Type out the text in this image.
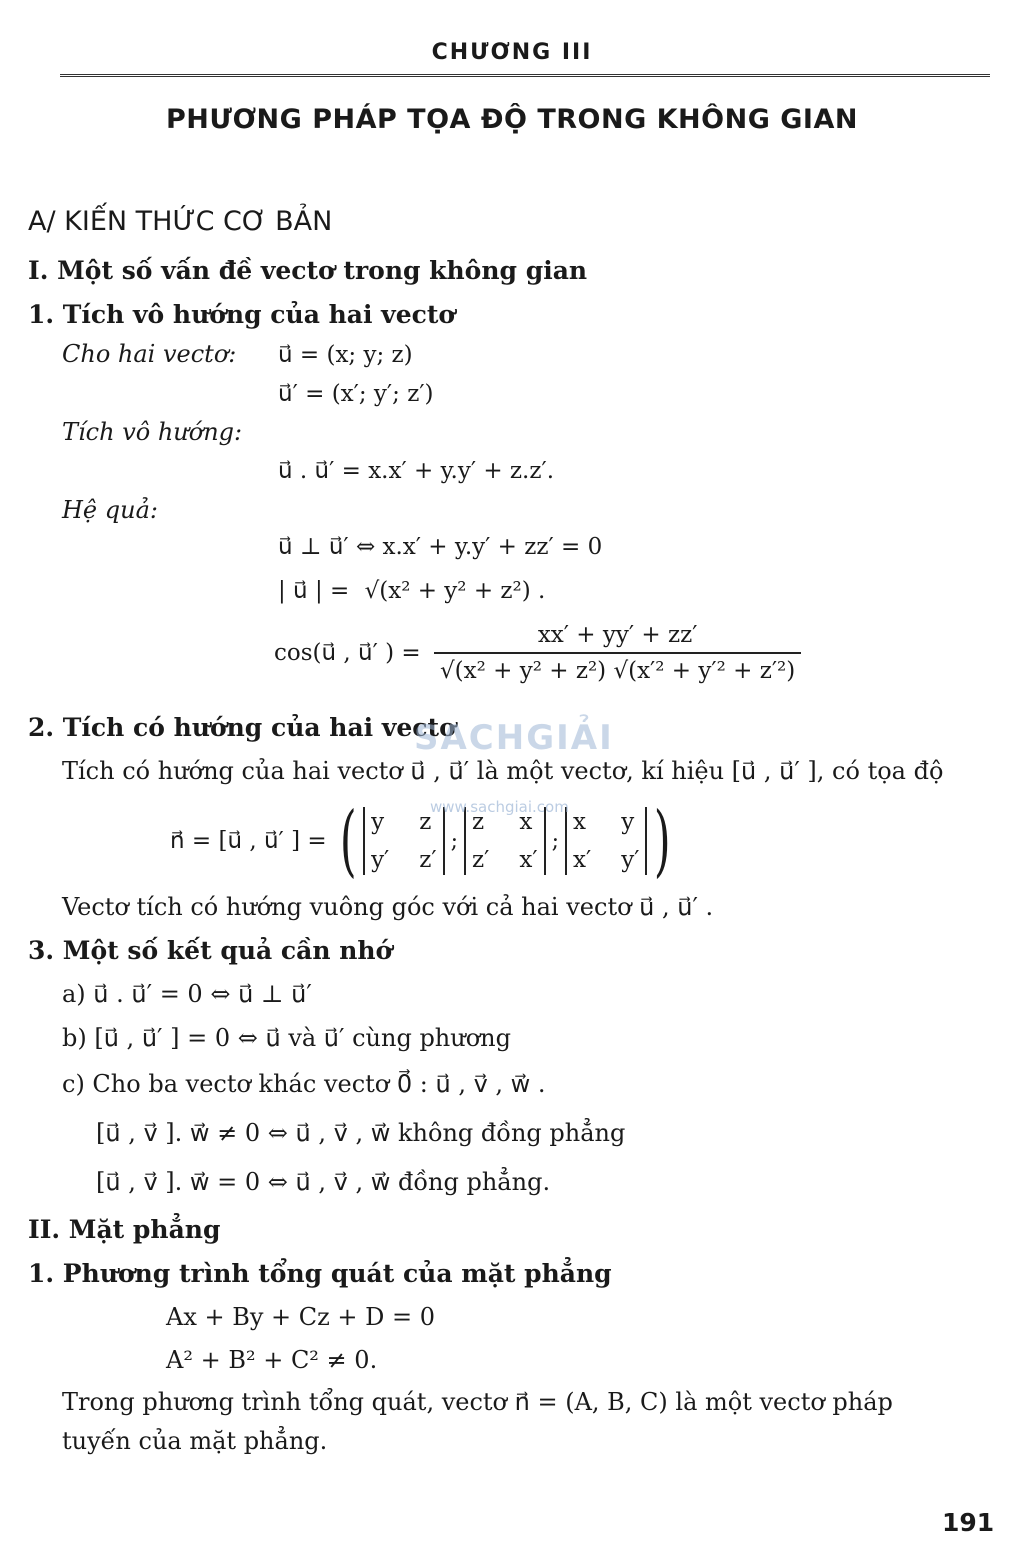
CHƯƠNG III
PHƯƠNG PHÁP TỌA ĐỘ TRONG KHÔNG GIAN
A/ KIẾN THỨC CƠ BẢN
I. Một số vấn đề vectơ trong không gian
1. Tích vô hướng của hai vectơ
Cho hai vectơ: u⃗ = (x; y; z)
u⃗′ = (x′; y′; z′)
Tích vô hướng:
u⃗ . u⃗′ = x.x′ + y.y′ + z.z′.
Hệ quả:
u⃗ ⊥ u⃗′ ⇔ x.x′ + y.y′ + zz′ = 0
| u⃗ | = √(x² + y² + z²) .
cos(u⃗ , u⃗′ ) = $\frac{xx' + yy' + zz'}{\text{√(x² + y² + z²) √(x′² + y′² + z′²)}}$
2. Tích có hướng của hai vectơ
Tích có hướng của hai vectơ u⃗ , u⃗′ là một vectơ, kí hiệu [u⃗ , u⃗′ ], có tọa độ
n⃗ = [u⃗ , u⃗′ ] = ( y z
y′ z′
;
z x
z′ x′
;
x y
x′ y′ )
Vectơ tích có hướng vuông góc với cả hai vectơ u⃗ , u⃗′ .
3. Một số kết quả cần nhớ
a) u⃗ . u⃗′ = 0 ⇔ u⃗ ⊥ u⃗′
b) [u⃗ , u⃗′ ] = 0 ⇔ u⃗ và u⃗′ cùng phương
c) Cho ba vectơ khác vectơ 0⃗ : u⃗ , v⃗ , w⃗ .
[u⃗ , v⃗ ]. w⃗ ≠ 0 ⇔ u⃗ , v⃗ , w⃗ không đồng phẳng
[u⃗ , v⃗ ]. w⃗ = 0 ⇔ u⃗ , v⃗ , w⃗ đồng phẳng.
II. Mặt phẳng
1. Phương trình tổng quát của mặt phẳng
Ax + By + Cz + D = 0
A² + B² + C² ≠ 0.
Trong phương trình tổng quát, vectơ n⃗ = (A, B, C) là một vectơ pháp
tuyến của mặt phẳng.
SACHGIẢI
www.sachgiai.com
191
